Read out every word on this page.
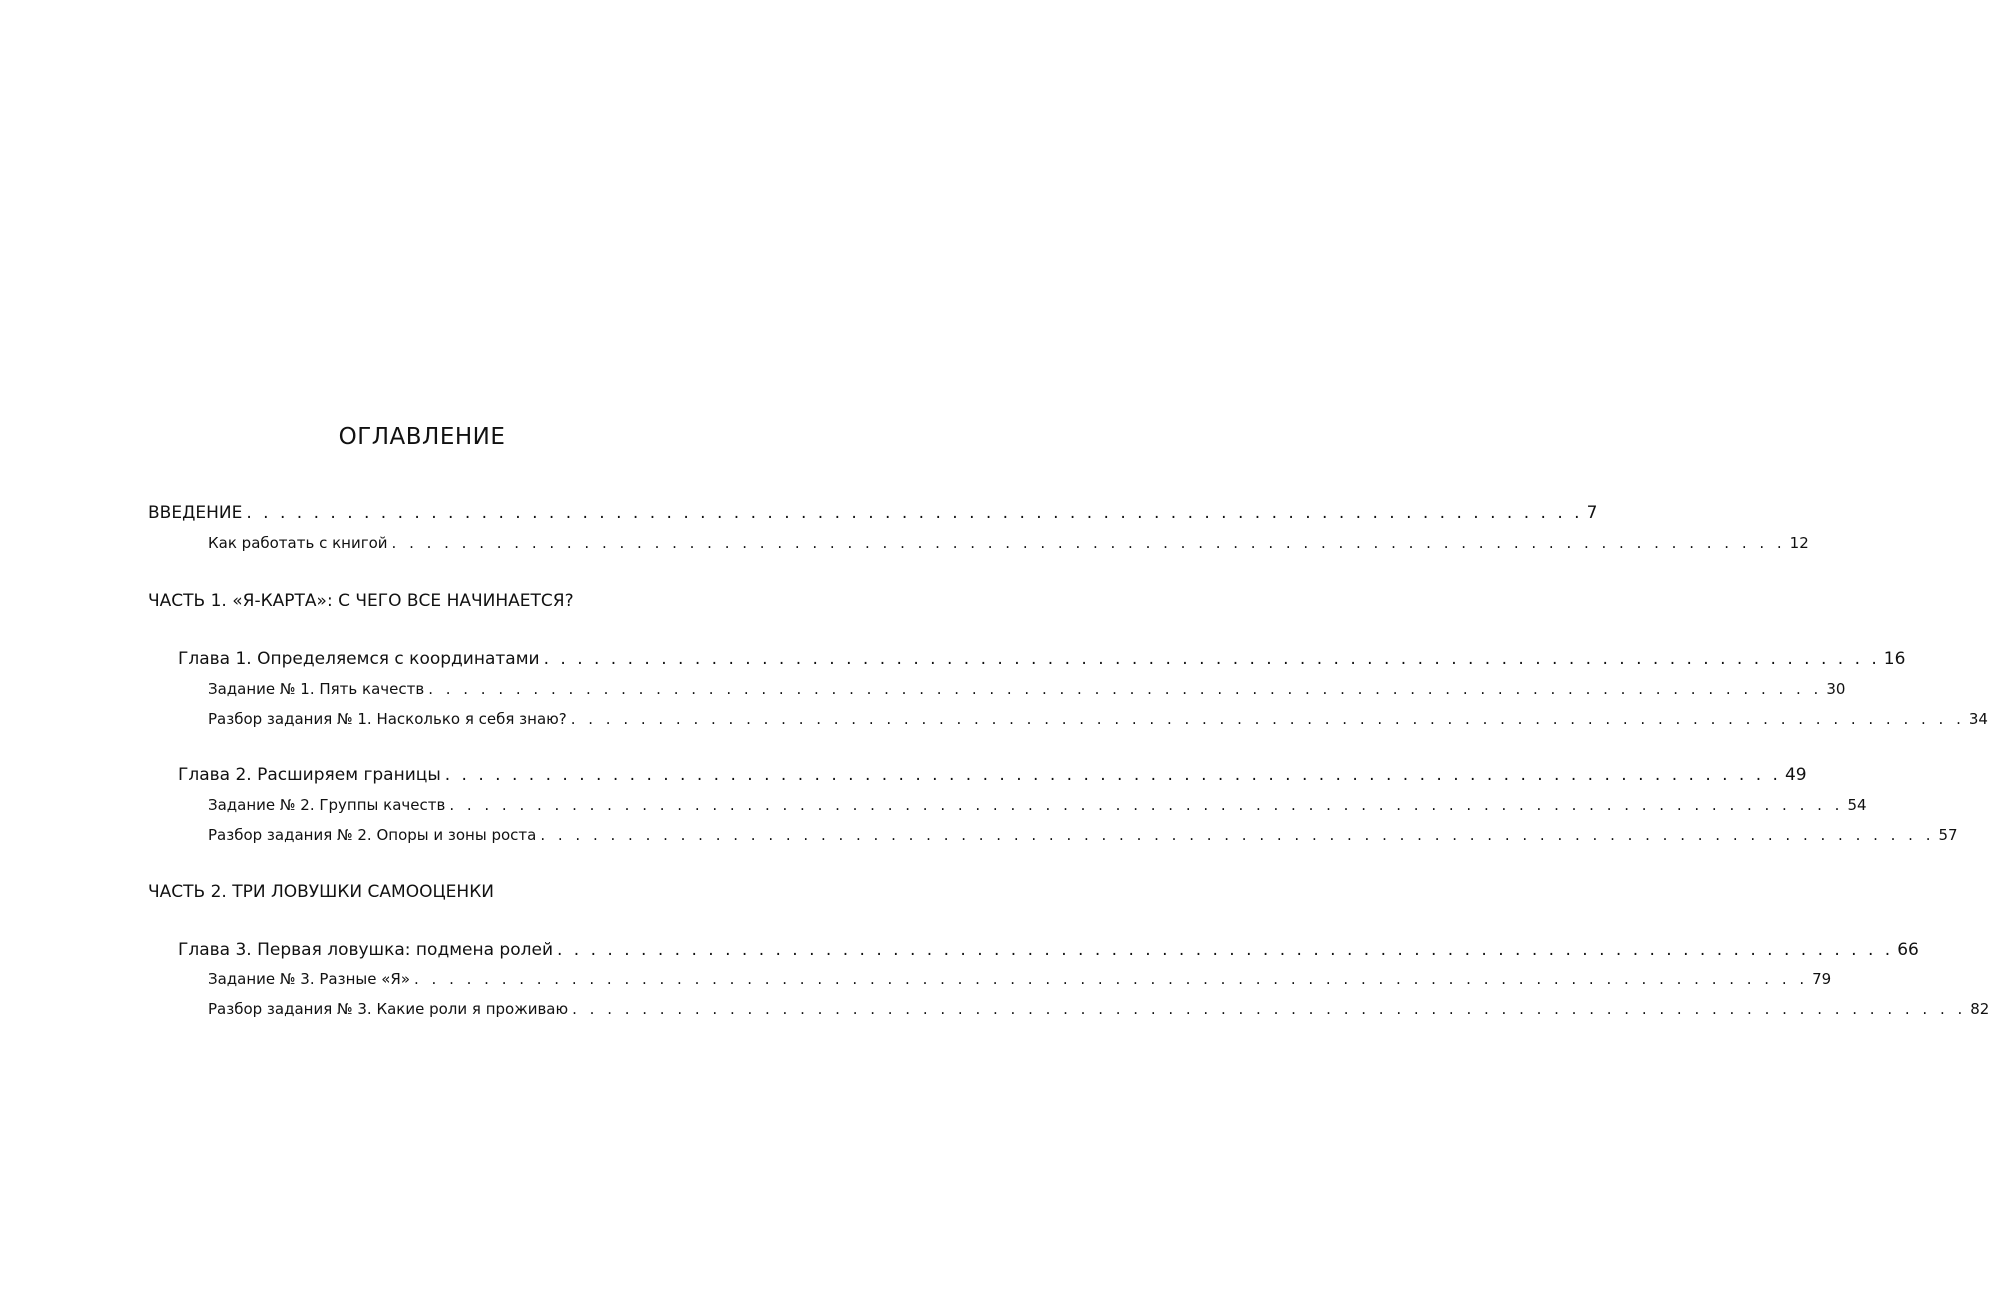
ОГЛАВЛЕНИЕ
ВВЕДЕНИЕ . . . . . . . . . . . . . . . . . . . . . . . . . . . . . . . . . . . . . . . . . . . . . . . . . . . . . . . . . . . . . . . . . . . . . . . . . . . . . . . . 7
Как работать с книгой . . . . . . . . . . . . . . . . . . . . . . . . . . . . . . . . . . . . . . . . . . . . . . . . . . . . . . . . . . . . . . . . . . . . . . . . . . . . . . . . 12
ЧАСТЬ 1. «Я-КАРТА»: С ЧЕГО ВСЕ НАЧИНАЕТСЯ?
Глава 1. Определяемся с координатами . . . . . . . . . . . . . . . . . . . . . . . . . . . . . . . . . . . . . . . . . . . . . . . . . . . . . . . . . . . . . . . . . . . . . . . . . . . . . . . . 16
Задание № 1. Пять качеств . . . . . . . . . . . . . . . . . . . . . . . . . . . . . . . . . . . . . . . . . . . . . . . . . . . . . . . . . . . . . . . . . . . . . . . . . . . . . . . . 30
Разбор задания № 1. Насколько я себя знаю? . . . . . . . . . . . . . . . . . . . . . . . . . . . . . . . . . . . . . . . . . . . . . . . . . . . . . . . . . . . . . . . . . . . . . . . . . . . . . . . . 34
Глава 2. Расширяем границы . . . . . . . . . . . . . . . . . . . . . . . . . . . . . . . . . . . . . . . . . . . . . . . . . . . . . . . . . . . . . . . . . . . . . . . . . . . . . . . . 49
Задание № 2. Группы качеств . . . . . . . . . . . . . . . . . . . . . . . . . . . . . . . . . . . . . . . . . . . . . . . . . . . . . . . . . . . . . . . . . . . . . . . . . . . . . . . . 54
Разбор задания № 2. Опоры и зоны роста . . . . . . . . . . . . . . . . . . . . . . . . . . . . . . . . . . . . . . . . . . . . . . . . . . . . . . . . . . . . . . . . . . . . . . . . . . . . . . . . 57
ЧАСТЬ 2. ТРИ ЛОВУШКИ САМООЦЕНКИ
Глава 3. Первая ловушка: подмена ролей . . . . . . . . . . . . . . . . . . . . . . . . . . . . . . . . . . . . . . . . . . . . . . . . . . . . . . . . . . . . . . . . . . . . . . . . . . . . . . . . 66
Задание № 3. Разные «Я» . . . . . . . . . . . . . . . . . . . . . . . . . . . . . . . . . . . . . . . . . . . . . . . . . . . . . . . . . . . . . . . . . . . . . . . . . . . . . . . . 79
Разбор задания № 3. Какие роли я проживаю . . . . . . . . . . . . . . . . . . . . . . . . . . . . . . . . . . . . . . . . . . . . . . . . . . . . . . . . . . . . . . . . . . . . . . . . . . . . . . . . 82
